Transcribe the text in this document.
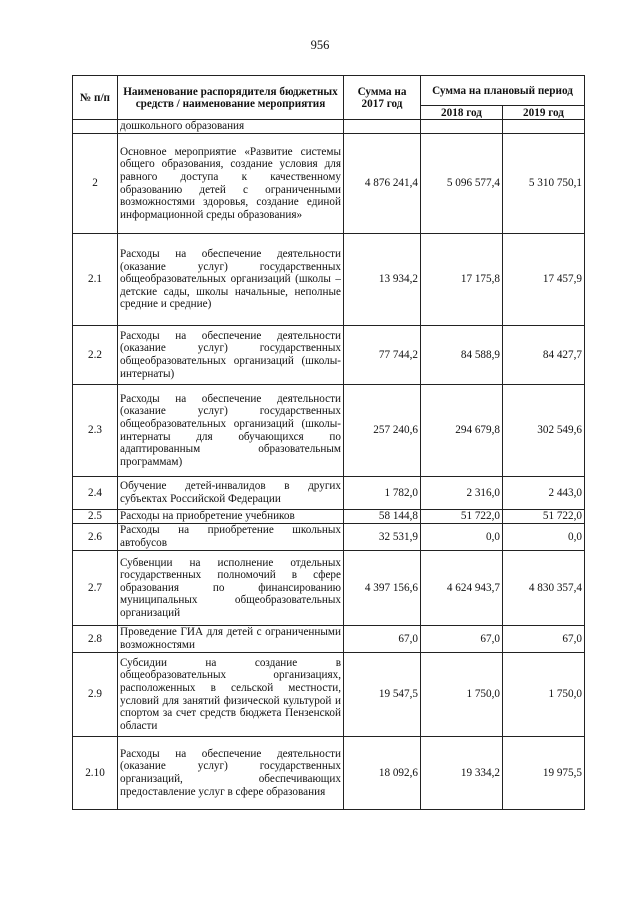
956
№ п/п	Наименование распорядителя бюджетных средств / наименование мероприятия	Сумма на 2017 год	Сумма на плановый период	
			2018 год	2019 год
	дошкольного образования			
2	Основное мероприятие «Развитие системы общего образования, создание условия для равного доступа к качественному образованию детей с ограниченными возможностями здоровья, создание единой информационной среды образования»	4 876 241,4	5 096 577,4	5 310 750,1
2.1	Расходы на обеспечение деятельности (оказание услуг) государственных общеобразовательных организаций (школы – детские сады, школы начальные, неполные средние и средние)	13 934,2	17 175,8	17 457,9
2.2	Расходы на обеспечение деятельности (оказание услуг) государственных общеобразовательных организаций (школы-интернаты)	77 744,2	84 588,9	84 427,7
2.3	Расходы на обеспечение деятельности (оказание услуг) государственных общеобразовательных организаций (школы-интернаты для обучающихся по адаптированным образовательным программам)	257 240,6	294 679,8	302 549,6
2.4	Обучение детей-инвалидов в других субъектах Российской Федерации	1 782,0	2 316,0	2 443,0
2.5	Расходы на приобретение учебников	58 144,8	51 722,0	51 722,0
2.6	Расходы на приобретение школьных автобусов	32 531,9	0,0	0,0
2.7	Субвенции на исполнение отдельных государственных полномочий в сфере образования по финансированию муниципальных общеобразовательных организаций	4 397 156,6	4 624 943,7	4 830 357,4
2.8	Проведение ГИА для детей с ограниченными возможностями	67,0	67,0	67,0
2.9	Субсидии на создание в общеобразовательных организациях, расположенных в сельской местности, условий для занятий физической культурой и спортом за счет средств бюджета Пензенской области	19 547,5	1 750,0	1 750,0
2.10	Расходы на обеспечение деятельности (оказание услуг) государственных организаций, обеспечивающих предоставление услуг в сфере образования	18 092,6	19 334,2	19 975,5
